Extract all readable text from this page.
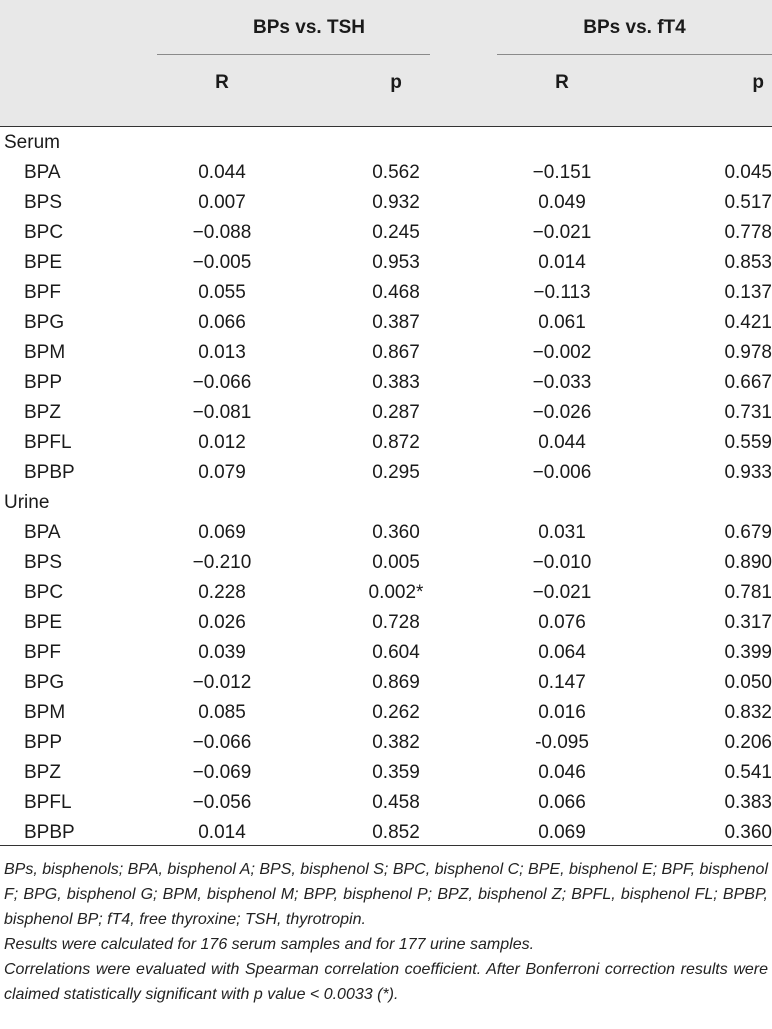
BPs vs. TSH	BPs vs. fT4
R	p	R	p
Serum
BPA	0.044	0.562	−0.151	0.045
BPS	0.007	0.932	0.049	0.517
BPC	−0.088	0.245	−0.021	0.778
BPE	−0.005	0.953	0.014	0.853
BPF	0.055	0.468	−0.113	0.137
BPG	0.066	0.387	0.061	0.421
BPM	0.013	0.867	−0.002	0.978
BPP	−0.066	0.383	−0.033	0.667
BPZ	−0.081	0.287	−0.026	0.731
BPFL	0.012	0.872	0.044	0.559
BPBP	0.079	0.295	−0.006	0.933
Urine
BPA	0.069	0.360	0.031	0.679
BPS	−0.210	0.005	−0.010	0.890
BPC	0.228	0.002*	−0.021	0.781
BPE	0.026	0.728	0.076	0.317
BPF	0.039	0.604	0.064	0.399
BPG	−0.012	0.869	0.147	0.050
BPM	0.085	0.262	0.016	0.832
BPP	−0.066	0.382	-0.095	0.206
BPZ	−0.069	0.359	0.046	0.541
BPFL	−0.056	0.458	0.066	0.383
BPBP	0.014	0.852	0.069	0.360
BPs, bisphenols; BPA, bisphenol A; BPS, bisphenol S; BPC, bisphenol C; BPE, bisphenol E; BPF, bisphenol F; BPG, bisphenol G; BPM, bisphenol M; BPP, bisphenol P; BPZ, bisphenol Z; BPFL, bisphenol FL; BPBP, bisphenol BP; fT4, free thyroxine; TSH, thyrotropin.
Results were calculated for 176 serum samples and for 177 urine samples.
Correlations were evaluated with Spearman correlation coefficient. After Bonferroni correction results were claimed statistically significant with p value < 0.0033 (*).
